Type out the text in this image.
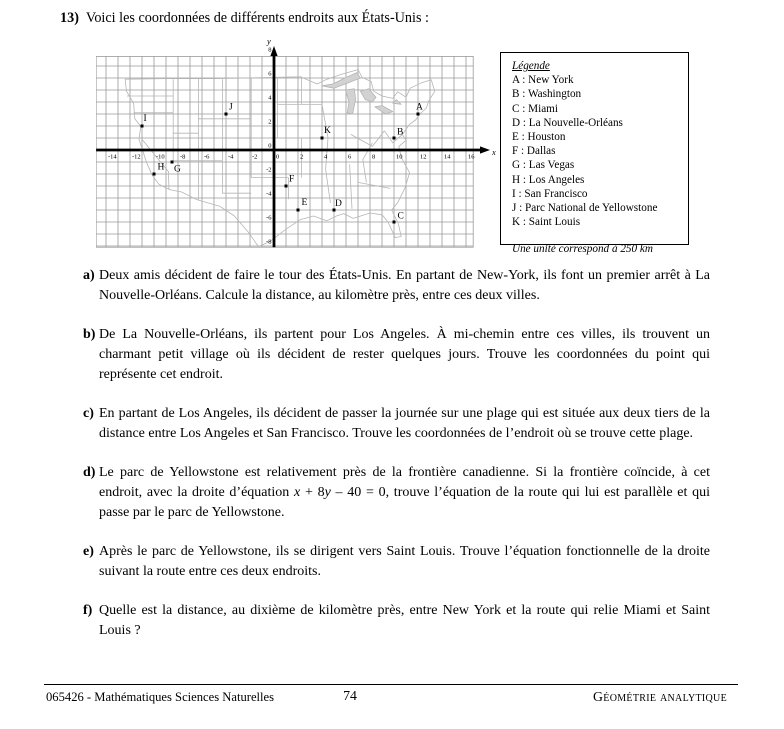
13) Voici les coordonnées de différents endroits aux États-Unis :
x
y
-14 -12 -10 -8	-6	-4	-2	0	2	4	6	8	10	12	14	16
8
6
4
2
0
-2
-4
-6
-8
A
B
C
D
E
F
G
H
I
J
K
Légende
A : New York
B : Washington
C : Miami
D : La Nouvelle-Orléans
E : Houston
F : Dallas
G : Las Vegas
H : Los Angeles
I : San Francisco
J : Parc National de Yellowstone
K : Saint Louis
Une unité correspond à 250 km

a) Deux amis décident de faire le tour des États-Unis. En partant de New-York, ils font un premier arrêt à La Nouvelle-Orléans. Calcule la distance, au kilomètre près, entre ces deux villes.

b) De La Nouvelle-Orléans, ils partent pour Los Angeles. À mi-chemin entre ces villes, ils trouvent un charmant petit village où ils décident de rester quelques jours. Trouve les coordonnées du point qui représente cet endroit.

c) En partant de Los Angeles, ils décident de passer la journée sur une plage qui est située aux deux tiers de la distance entre Los Angeles et San Francisco. Trouve les coordonnées de l’endroit où se trouve cette plage.

d) Le parc de Yellowstone est relativement près de la frontière canadienne. Si la frontière coïncide, à cet endroit, avec la droite d’équation x + 8y – 40 = 0, trouve l’équation de la route qui lui est parallèle et qui passe par le parc de Yellowstone.

e) Après le parc de Yellowstone, ils se dirigent vers Saint Louis. Trouve l’équation fonctionnelle de la droite suivant la route entre ces deux endroits.

f) Quelle est la distance, au dixième de kilomètre près, entre New York et la route qui relie Miami et Saint Louis ?

065426 - Mathématiques Sciences Naturelles	74	Géométrie analytique
